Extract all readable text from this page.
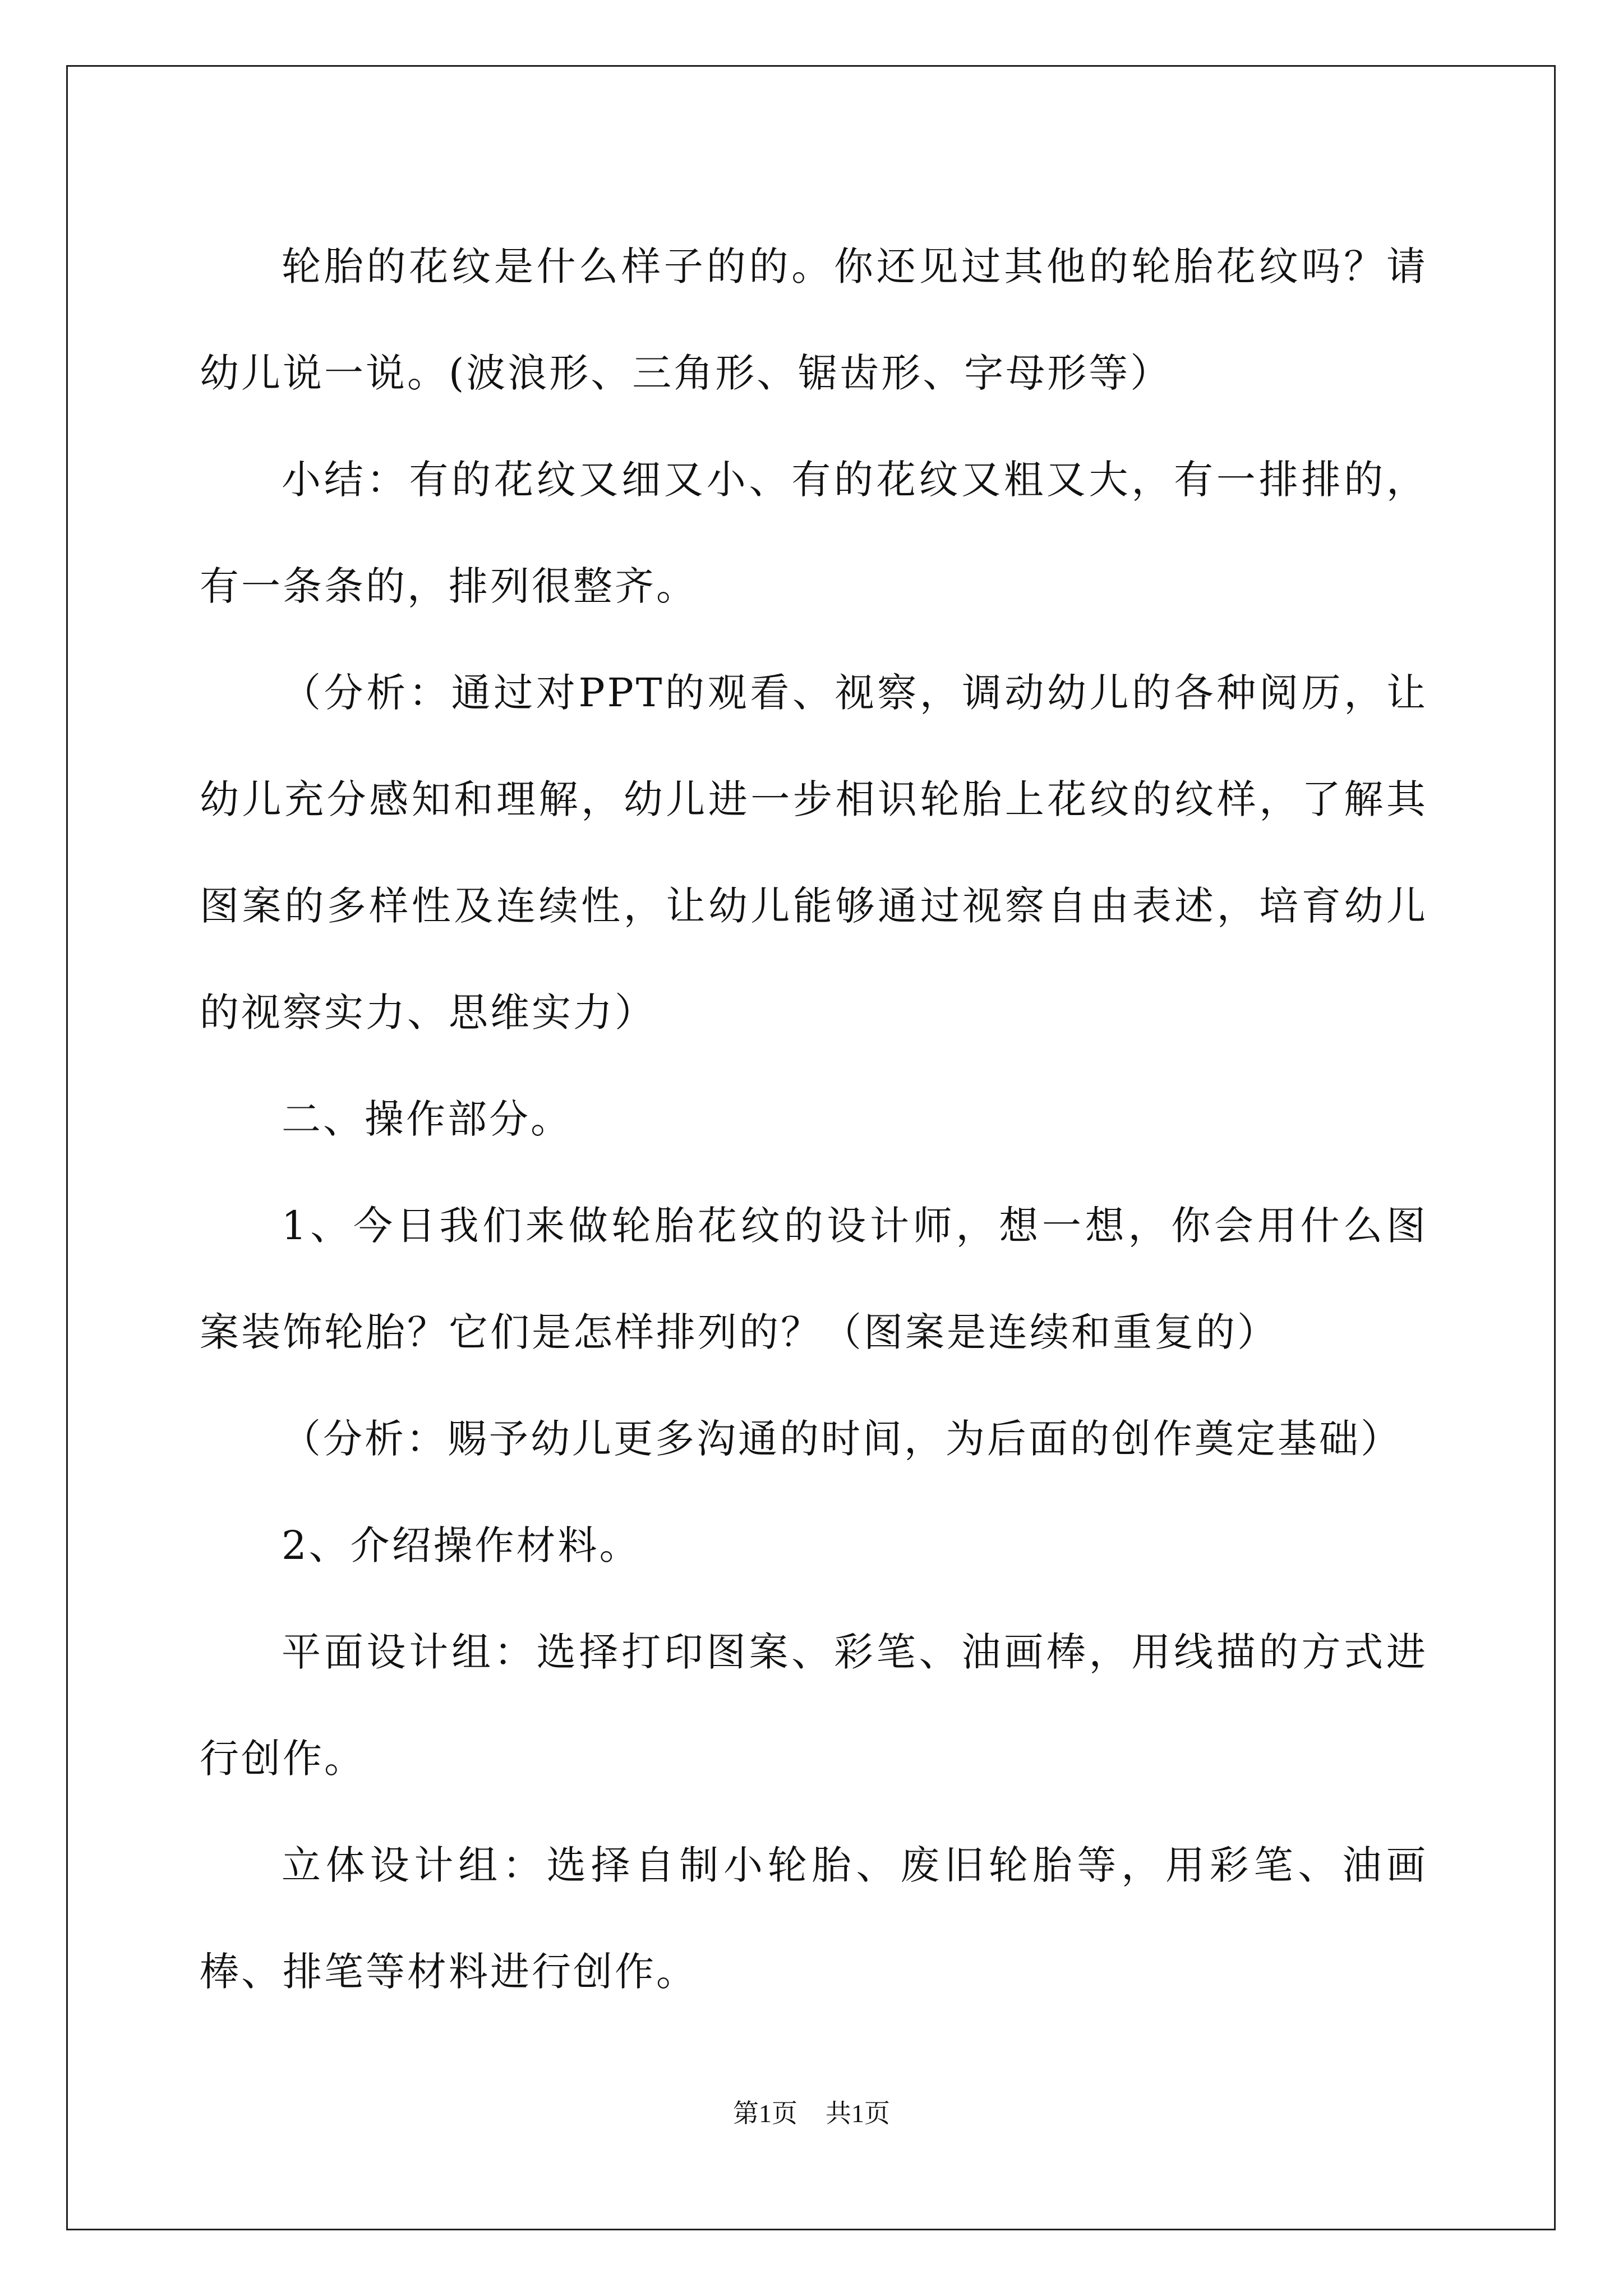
轮胎的花纹是什么样子的的。你还见过其他的轮胎花纹吗？请幼儿说一说。(波浪形、三角形、锯齿形、字母形等）

小结：有的花纹又细又小、有的花纹又粗又大，有一排排的，有一条条的，排列很整齐。

（分析：通过对PPT的观看、视察，调动幼儿的各种阅历，让幼儿充分感知和理解，幼儿进一步相识轮胎上花纹的纹样，了解其图案的多样性及连续性，让幼儿能够通过视察自由表述，培育幼儿的视察实力、思维实力）

二、操作部分。

1、今日我们来做轮胎花纹的设计师，想一想，你会用什么图案装饰轮胎？它们是怎样排列的？（图案是连续和重复的）

（分析：赐予幼儿更多沟通的时间，为后面的创作奠定基础）

2、介绍操作材料。

平面设计组：选择打印图案、彩笔、油画棒，用线描的方式进行创作。

立体设计组：选择自制小轮胎、废旧轮胎等，用彩笔、油画棒、排笔等材料进行创作。

第1页 共1页
